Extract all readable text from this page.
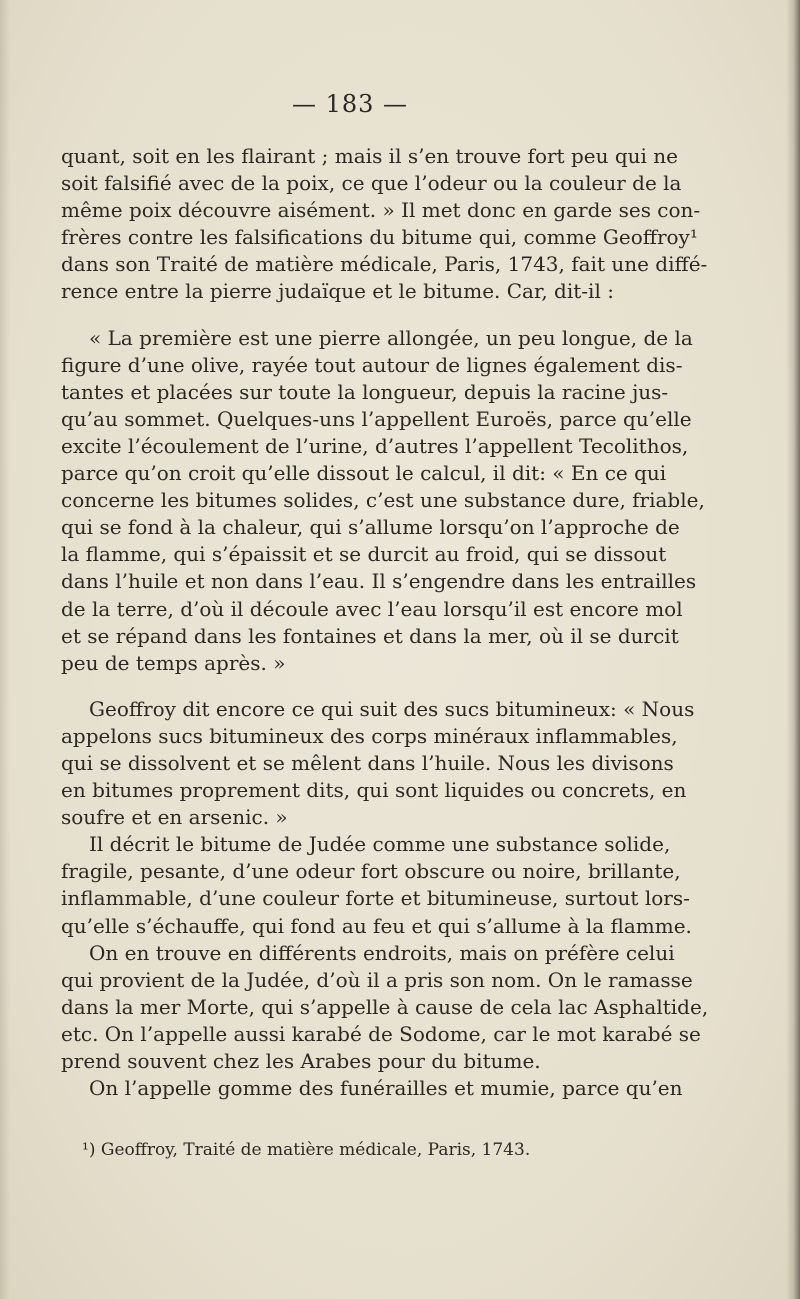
— 183 —
quant, soit en les flairant ; mais il s’en trouve fort peu qui ne
soit falsifié avec de la poix, ce que l’odeur ou la couleur de la
même poix découvre aisément. » Il met donc en garde ses con-
frères contre les falsifications du bitume qui, comme Geoffroy¹
dans son Traité de matière médicale, Paris, 1743, fait une diffé-
rence entre la pierre judaïque et le bitume. Car, dit-il :
« La première est une pierre allongée, un peu longue, de la
figure d’une olive, rayée tout autour de lignes également dis-
tantes et placées sur toute la longueur, depuis la racine jus-
qu’au sommet. Quelques-uns l’appellent Euroës, parce qu’elle
excite l’écoulement de l’urine, d’autres l’appellent Tecolithos,
parce qu’on croit qu’elle dissout le calcul, il dit: « En ce qui
concerne les bitumes solides, c’est une substance dure, friable,
qui se fond à la chaleur, qui s’allume lorsqu’on l’approche de
la flamme, qui s’épaissit et se durcit au froid, qui se dissout
dans l’huile et non dans l’eau. Il s’engendre dans les entrailles
de la terre, d’où il découle avec l’eau lorsqu’il est encore mol
et se répand dans les fontaines et dans la mer, où il se durcit
peu de temps après. »
Geoffroy dit encore ce qui suit des sucs bitumineux: « Nous
appelons sucs bitumineux des corps minéraux inflammables,
qui se dissolvent et se mêlent dans l’huile. Nous les divisons
en bitumes proprement dits, qui sont liquides ou concrets, en
soufre et en arsenic. »
Il décrit le bitume de Judée comme une substance solide,
fragile, pesante, d’une odeur fort obscure ou noire, brillante,
inflammable, d’une couleur forte et bitumineuse, surtout lors-
qu’elle s’échauffe, qui fond au feu et qui s’allume à la flamme.
On en trouve en différents endroits, mais on préfère celui
qui provient de la Judée, d’où il a pris son nom. On le ramasse
dans la mer Morte, qui s’appelle à cause de cela lac Asphaltide,
etc. On l’appelle aussi karabé de Sodome, car le mot karabé se
prend souvent chez les Arabes pour du bitume.
On l’appelle gomme des funérailles et mumie, parce qu’en
¹) Geoffroy, Traité de matière médicale, Paris, 1743.
